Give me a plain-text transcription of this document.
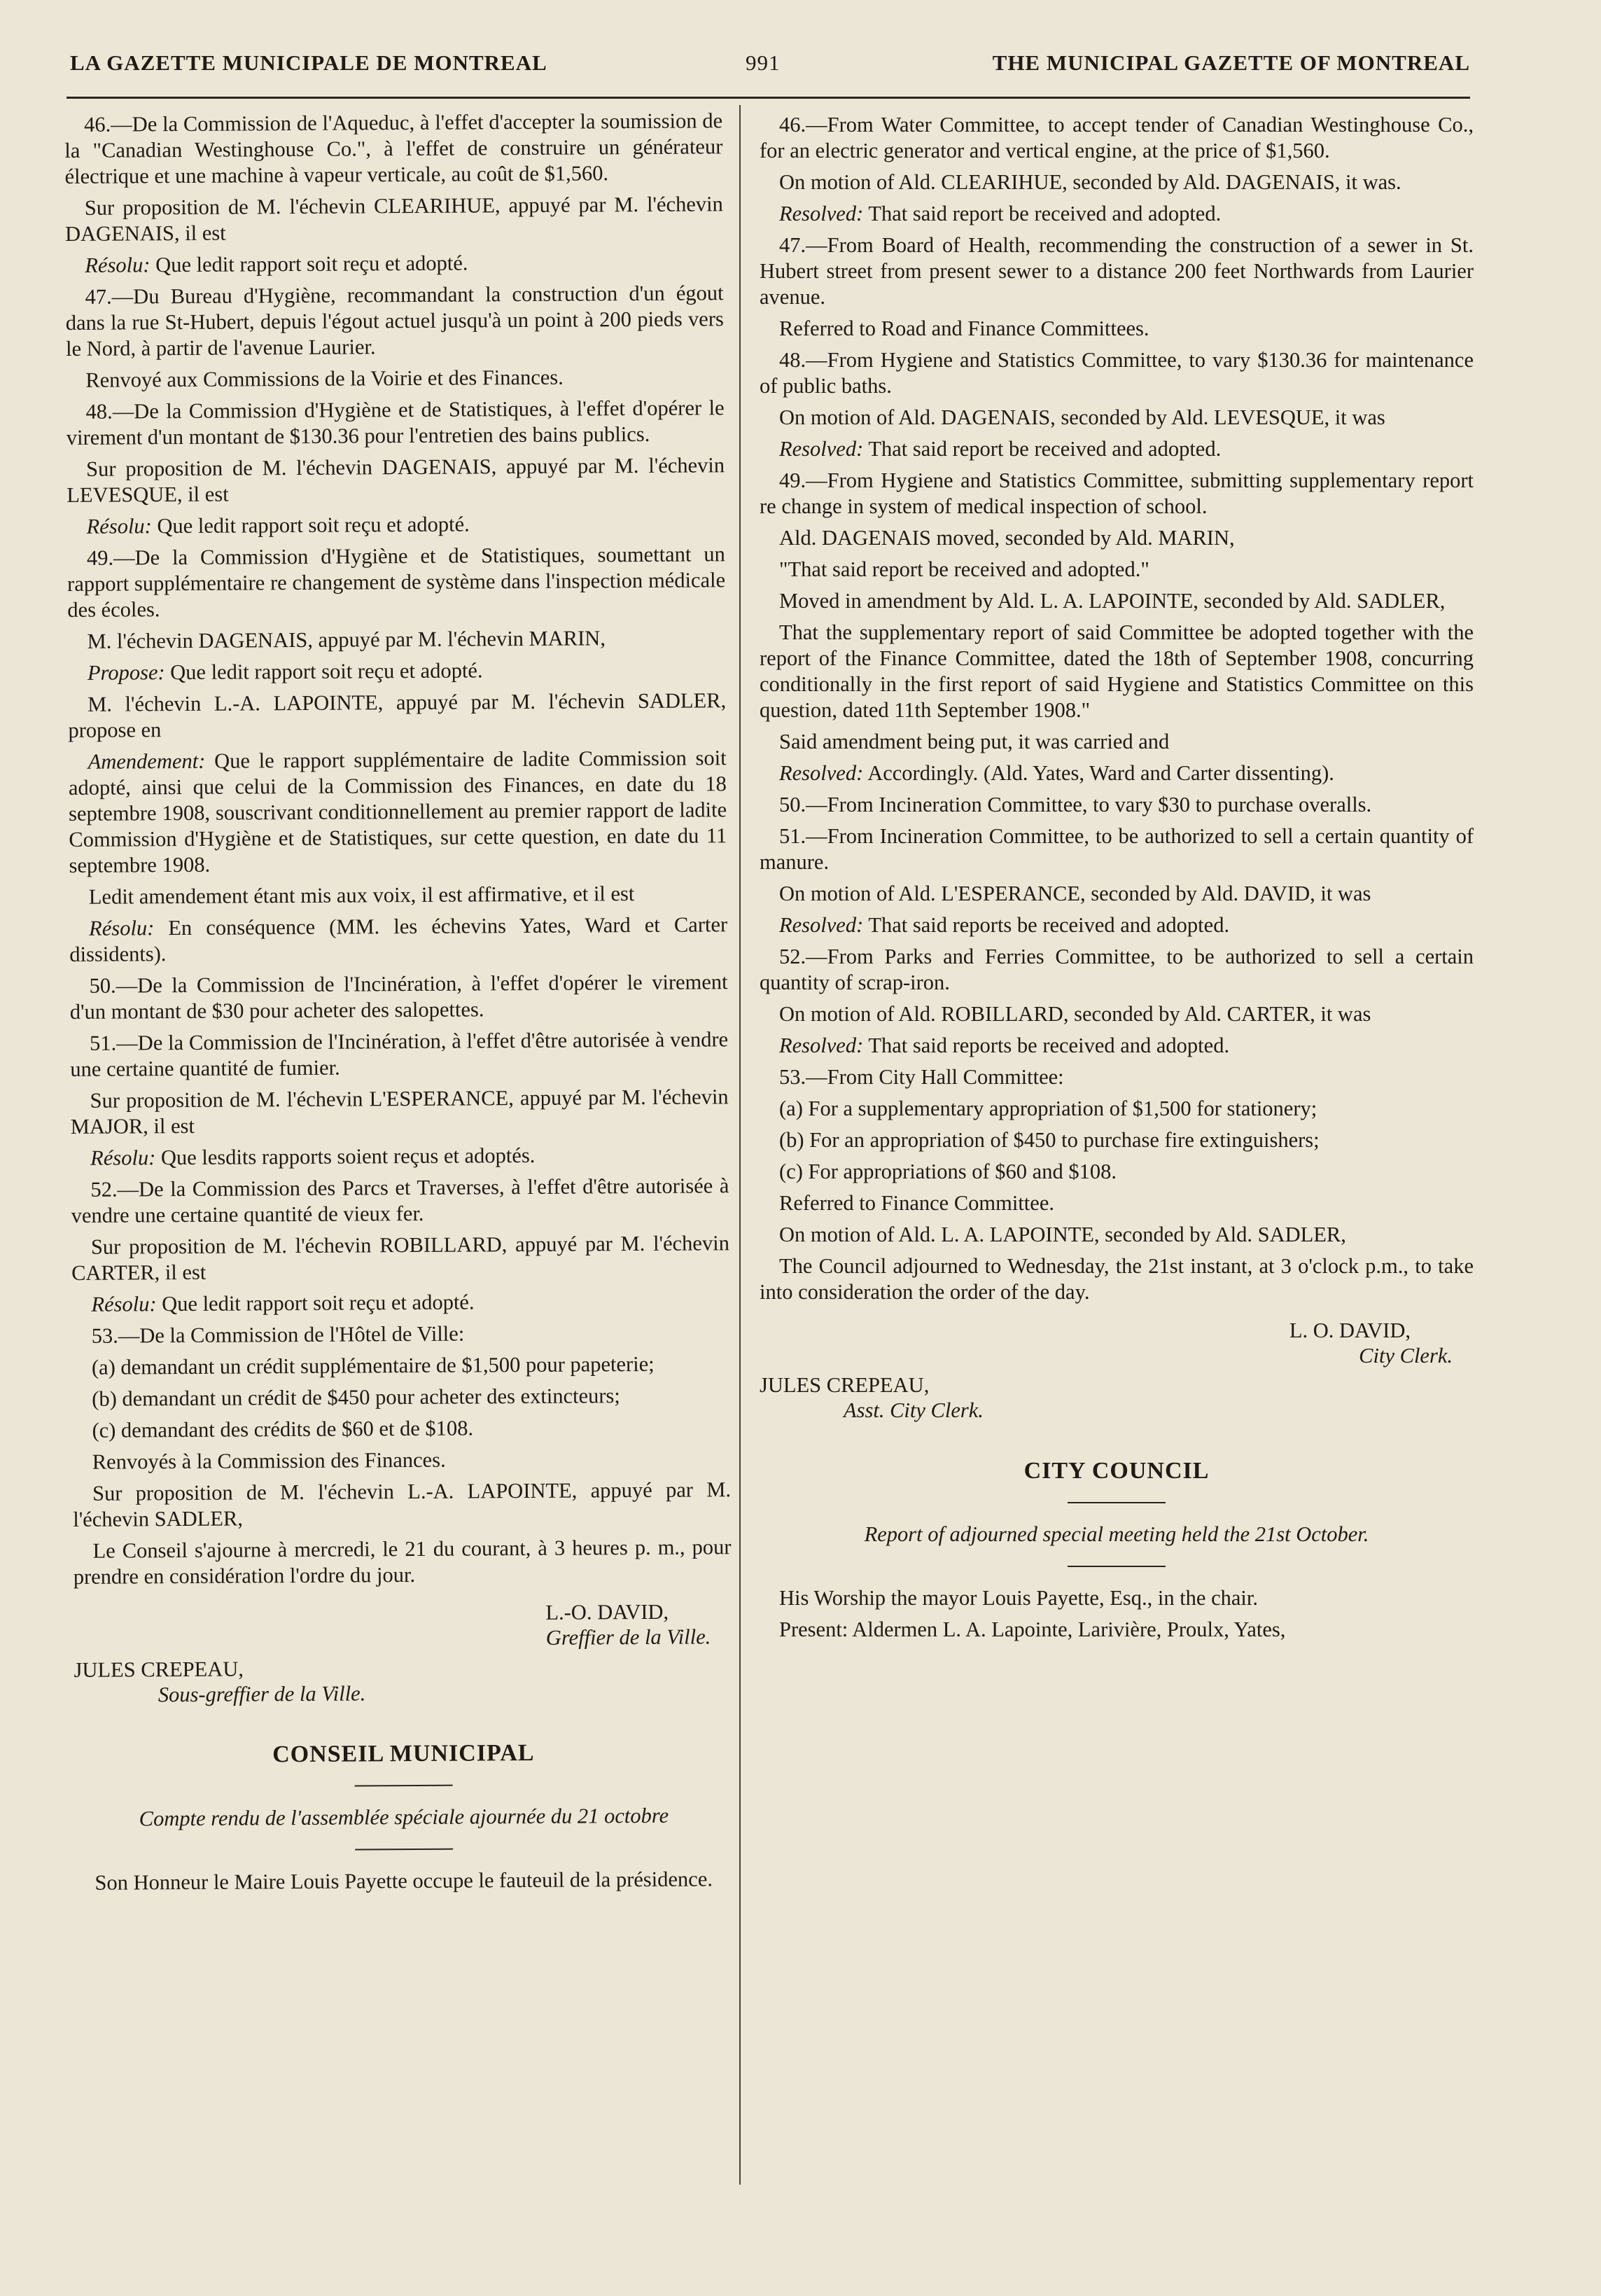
LA GAZETTE MUNICIPALE DE MONTREAL	991	THE MUNICIPAL GAZETTE OF MONTREAL

46.—De la Commission de l'Aqueduc, à l'effet d'accepter la soumission de la "Canadian Westinghouse Co.", à l'effet de construire un générateur électrique et une machine à vapeur verticale, au coût de $1,560.

Sur proposition de M. l'échevin CLEARIHUE, appuyé par M. l'échevin DAGENAIS, il est

Résolu: Que ledit rapport soit reçu et adopté.

47.—Du Bureau d'Hygiène, recommandant la construction d'un égout dans la rue St-Hubert, depuis l'égout actuel jusqu'à un point à 200 pieds vers le Nord, à partir de l'avenue Laurier.

Renvoyé aux Commissions de la Voirie et des Finances.

48.—De la Commission d'Hygiène et de Statistiques, à l'effet d'opérer le virement d'un montant de $130.36 pour l'entretien des bains publics.

Sur proposition de M. l'échevin DAGENAIS, appuyé par M. l'échevin LEVESQUE, il est

Résolu: Que ledit rapport soit reçu et adopté.

49.—De la Commission d'Hygiène et de Statistiques, soumettant un rapport supplémentaire re changement de système dans l'inspection médicale des écoles.

M. l'échevin DAGENAIS, appuyé par M. l'échevin MARIN,

Propose: Que ledit rapport soit reçu et adopté.

M. l'échevin L.-A. LAPOINTE, appuyé par M. l'échevin SADLER, propose en

Amendement: Que le rapport supplémentaire de ladite Commission soit adopté, ainsi que celui de la Commission des Finances, en date du 18 septembre 1908, souscrivant conditionnellement au premier rapport de ladite Commission d'Hygiène et de Statistiques, sur cette question, en date du 11 septembre 1908.

Ledit amendement étant mis aux voix, il est affirmative, et il est

Résolu: En conséquence (MM. les échevins Yates, Ward et Carter dissidents).

50.—De la Commission de l'Incinération, à l'effet d'opérer le virement d'un montant de $30 pour acheter des salopettes.

51.—De la Commission de l'Incinération, à l'effet d'être autorisée à vendre une certaine quantité de fumier.

Sur proposition de M. l'échevin L'ESPERANCE, appuyé par M. l'échevin MAJOR, il est

Résolu: Que lesdits rapports soient reçus et adoptés.

52.—De la Commission des Parcs et Traverses, à l'effet d'être autorisée à vendre une certaine quantité de vieux fer.

Sur proposition de M. l'échevin ROBILLARD, appuyé par M. l'échevin CARTER, il est

Résolu: Que ledit rapport soit reçu et adopté.

53.—De la Commission de l'Hôtel de Ville:

(a) demandant un crédit supplémentaire de $1,500 pour papeterie;

(b) demandant un crédit de $450 pour acheter des extincteurs;

(c) demandant des crédits de $60 et de $108.

Renvoyés à la Commission des Finances.

Sur proposition de M. l'échevin L.-A. LAPOINTE, appuyé par M. l'échevin SADLER,

Le Conseil s'ajourne à mercredi, le 21 du courant, à 3 heures p. m., pour prendre en considération l'ordre du jour.

L.-O. DAVID,
Greffier de la Ville.
JULES CREPEAU,
Sous-greffier de la Ville.
CONSEIL MUNICIPAL
Compte rendu de l'assemblée spéciale ajournée du 21 octobre

Son Honneur le Maire Louis Payette occupe le fauteuil de la présidence.

46.—From Water Committee, to accept tender of Canadian Westinghouse Co., for an electric generator and vertical engine, at the price of $1,560.

On motion of Ald. CLEARIHUE, seconded by Ald. DAGENAIS, it was.

Resolved: That said report be received and adopted.

47.—From Board of Health, recommending the construction of a sewer in St. Hubert street from present sewer to a distance 200 feet Northwards from Laurier avenue.

Referred to Road and Finance Committees.

48.—From Hygiene and Statistics Committee, to vary $130.36 for maintenance of public baths.

On motion of Ald. DAGENAIS, seconded by Ald. LEVESQUE, it was

Resolved: That said report be received and adopted.

49.—From Hygiene and Statistics Committee, submitting supplementary report re change in system of medical inspection of school.

Ald. DAGENAIS moved, seconded by Ald. MARIN,

"That said report be received and adopted."

Moved in amendment by Ald. L. A. LAPOINTE, seconded by Ald. SADLER,

That the supplementary report of said Committee be adopted together with the report of the Finance Committee, dated the 18th of September 1908, concurring conditionally in the first report of said Hygiene and Statistics Committee on this question, dated 11th September 1908."

Said amendment being put, it was carried and

Resolved: Accordingly. (Ald. Yates, Ward and Carter dissenting).

50.—From Incineration Committee, to vary $30 to purchase overalls.

51.—From Incineration Committee, to be authorized to sell a certain quantity of manure.

On motion of Ald. L'ESPERANCE, seconded by Ald. DAVID, it was

Resolved: That said reports be received and adopted.

52.—From Parks and Ferries Committee, to be authorized to sell a certain quantity of scrap-iron.

On motion of Ald. ROBILLARD, seconded by Ald. CARTER, it was

Resolved: That said reports be received and adopted.

53.—From City Hall Committee:

(a) For a supplementary appropriation of $1,500 for stationery;

(b) For an appropriation of $450 to purchase fire extinguishers;

(c) For appropriations of $60 and $108.

Referred to Finance Committee.

On motion of Ald. L. A. LAPOINTE, seconded by Ald. SADLER,

The Council adjourned to Wednesday, the 21st instant, at 3 o'clock p.m., to take into consideration the order of the day.

L. O. DAVID,
City Clerk.
JULES CREPEAU,
Asst. City Clerk.
CITY COUNCIL
Report of adjourned special meeting held the 21st October.

His Worship the mayor Louis Payette, Esq., in the chair.

Present: Aldermen L. A. Lapointe, Larivière, Proulx, Yates,
